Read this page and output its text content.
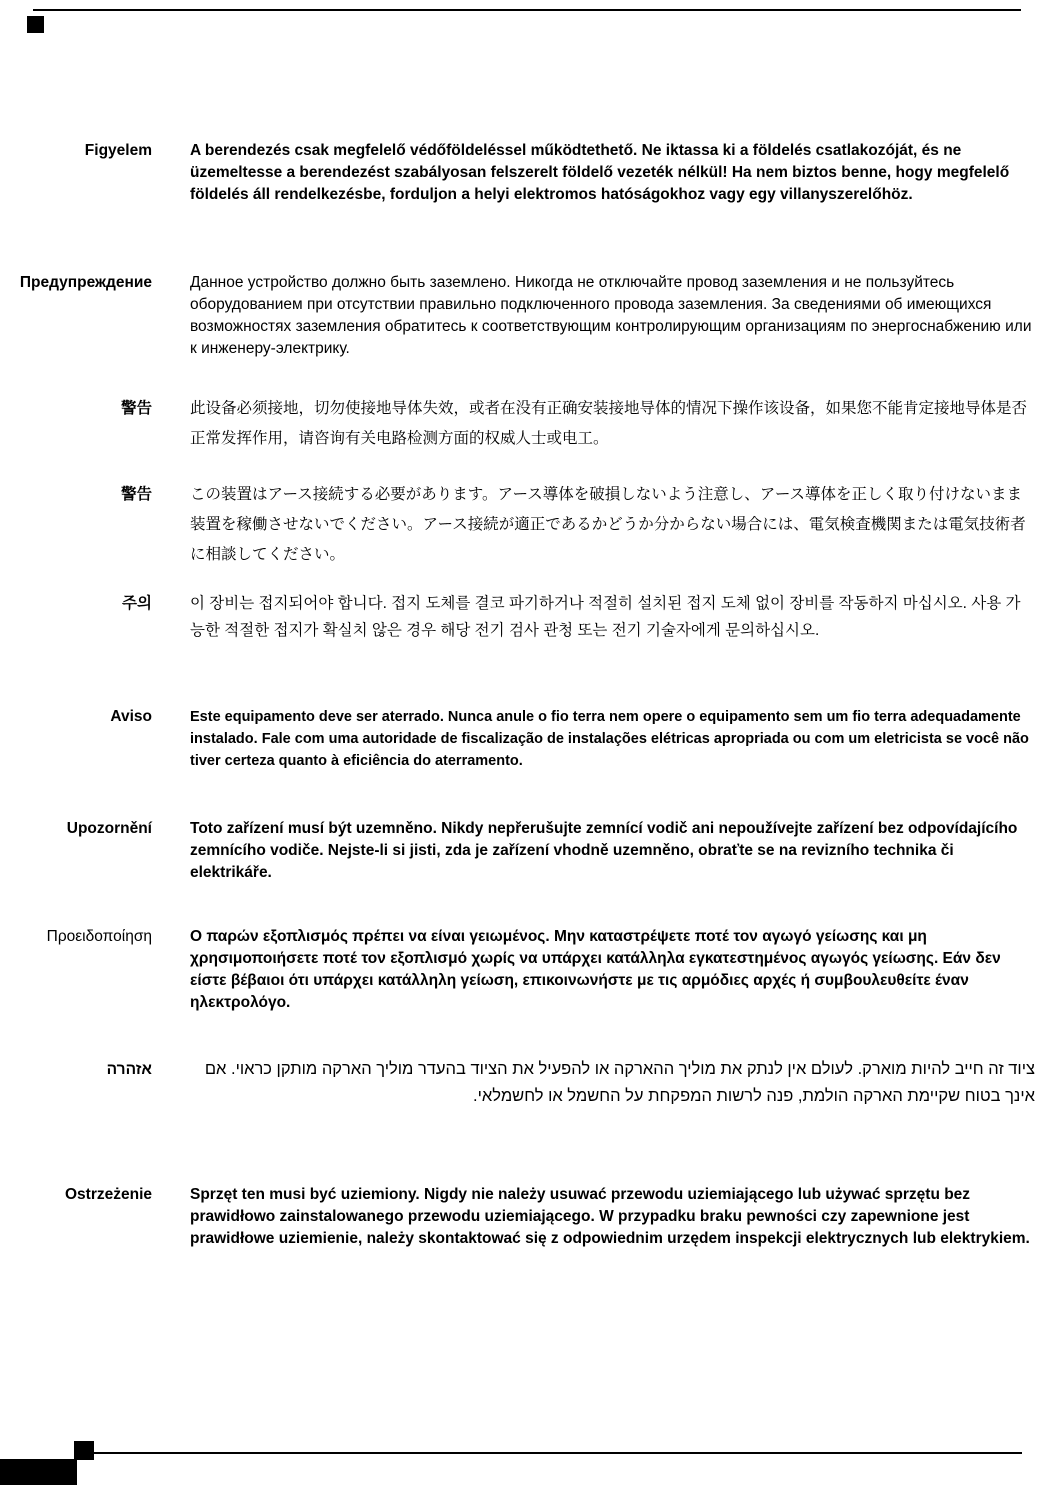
Figyelem A berendezés csak megfelelő védőföldeléssel működtethető. Ne iktassa ki a földelés csatlakozóját, és ne üzemeltesse a berendezést szabályosan felszerelt földelő vezeték nélkül! Ha nem biztos benne, hogy megfelelő földelés áll rendelkezésbe, forduljon a helyi elektromos hatóságokhoz vagy egy villanyszerelőhöz.
Предупреждение Данное устройство должно быть заземлено. Никогда не отключайте провод заземления и не пользуйтесь оборудованием при отсутствии правильно подключенного провода заземления. За сведениями об имеющихся возможностях заземления обратитесь к соответствующим контролирующим организациям по энергоснабжению или к инженеру-электрику.
警告 此设备必须接地，切勿使接地导体失效，或者在没有正确安装接地导体的情况下操作该设备，如果您不能肯定接地导体是否正常发挥作用，请咨询有关电路检测方面的权威人士或电工。
警告 この装置はアース接続する必要があります。アース導体を破損しないよう注意し、アース導体を正しく取り付けないまま装置を稼働させないでください。アース接続が適正であるかどうか分からない場合には、電気検査機関または電気技術者に相談してください。
주의 이 장비는 접지되어야 합니다. 접지 도체를 결코 파기하거나 적절히 설치된 접지 도체 없이 장비를 작동하지 마십시오. 사용 가능한 적절한 접지가 확실치 않은 경우 해당 전기 검사 관청 또는 전기 기술자에게 문의하십시오.
Aviso	Este equipamento deve ser aterrado. Nunca anule o fio terra nem opere o equipamento sem um fio terra adequadamente instalado. Fale com uma autoridade de fiscalização de instalações elétricas apropriada ou com um eletricista se você não tiver certeza quanto à eficiência do aterramento.
Upozornění Toto zařízení musí být uzemněno. Nikdy nepřerušujte zemnící vodič ani nepoužívejte zařízení bez odpovídajícího zemnícího vodiče. Nejste-li si jisti, zda je zařízení vhodně uzemněno, obraťte se na revizního technika či elektrikáře.
Προειδοποίηση Ο παρών εξοπλισμός πρέπει να είναι γειωμένος. Μην καταστρέψετε ποτέ τον αγωγό γείωσης και μη χρησιμοποιήσετε ποτέ τον εξοπλισμό χωρίς να υπάρχει κατάλληλα εγκατεστημένος αγωγός γείωσης. Εάν δεν είστε βέβαιοι ότι υπάρχει κατάλληλη γείωση, επικοινωνήστε με τις αρμόδιες αρχές ή συμβουλευθείτε έναν ηλεκτρολόγο.
אזהרה	ציוד זה חייב להיות מוארק. לעולם אין לנתק את מוליך ההארקה או להפעיל את הציוד בהעדר מוליך הארקה מותקן כראוי. אם אינך בטוח שקיימת הארקה הולמת, פנה לרשות המפקחת על החשמל או לחשמלאי.
Ostrzeżenie Sprzęt ten musi być uziemiony. Nigdy nie należy usuwać przewodu uziemiającego lub używać sprzętu bez prawidłowo zainstalowanego przewodu uziemiającego. W przypadku braku pewności czy zapewnione jest prawidłowe uziemienie, należy skontaktować się z odpowiednim urzędem inspekcji elektrycznych lub elektrykiem.
